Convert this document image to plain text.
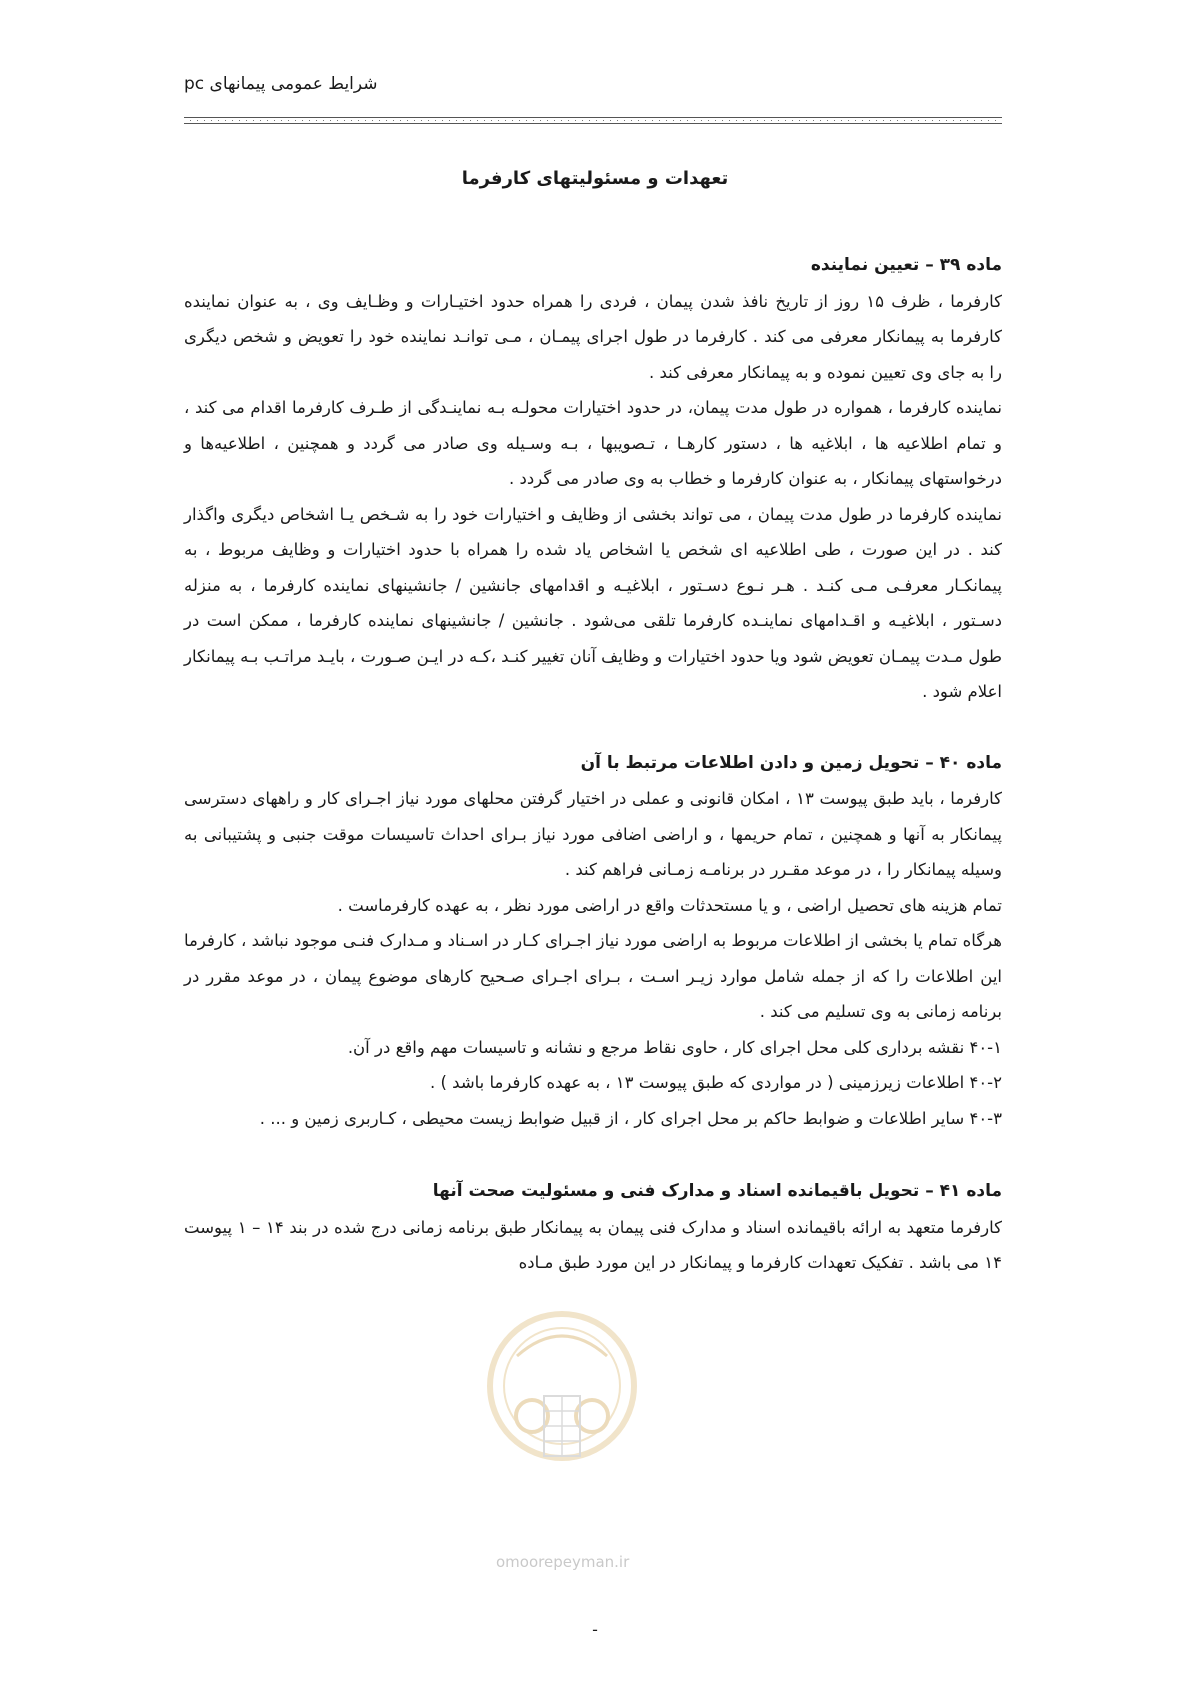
شرایط عمومی پیمانهای pc
تعهدات و مسئولیتهای کارفرما

ماده ۳۹ – تعیین نماینده

کارفرما ، ظرف ۱۵ روز از تاریخ نافذ شدن پیمان ، فردی را همراه حدود اختیـارات و وظـایف وی ، به عنوان نماینده کارفرما به پیمانکار معرفی می کند . کارفرما در طول اجرای پیمـان ، مـی توانـد نماینده خود را تعویض و شخص دیگری را به جای وی تعیین نموده و به پیمانکار معرفی کند .

نماینده کارفرما ، همواره در طول مدت پیمان، در حدود اختیارات محولـه بـه نماینـدگی از طـرف کارفرما اقدام می کند ، و تمام اطلاعیه ها ، ابلاغیه ها ، دستور کارهـا ، تـصویبها ، بـه وسـیله وی صادر می گردد و همچنین ، اطلاعیه‌ها و درخواستهای پیمانکار ، به عنوان کارفرما و خطاب به وی صادر می گردد .

نماینده کارفرما در طول مدت پیمان ، می تواند بخشی از وظایف و اختیارات خود را به شـخص یـا اشخاص دیگری واگذار کند . در این صورت ، طی اطلاعیه ای شخص یا اشخاص یاد شده را همراه با حدود اختیارات و وظایف مربوط ، به پیمانکـار معرفـی مـی کنـد . هـر نـوع دسـتور ، ابلاغیـه و اقدامهای جانشین / جانشینهای نماینده کارفرما ، به منزله دسـتور ، ابلاغیـه و اقـدامهای نماینـده کارفرما تلقی می‌شود . جانشین / جانشینهای نماینده کارفرما ، ممکن است در طول مـدت پیمـان تعویض شود ویا حدود اختیارات و وظایف آنان تغییر کنـد ،کـه در ایـن صـورت ، بایـد مراتـب بـه پیمانکار اعلام شود .

ماده ۴۰ – تحویل زمین و دادن اطلاعات مرتبط با آن

کارفرما ، باید طبق پیوست ۱۳ ، امکان قانونی و عملی در اختیار گرفتن محلهای مورد نیاز اجـرای کار و راههای دسترسی پیمانکار به آنها و همچنین ، تمام حریمها ، و اراضی اضافی مورد نیاز بـرای احداث تاسیسات موقت جنبی و پشتیبانی به وسیله پیمانکار را ، در موعد مقـرر در برنامـه زمـانی فراهم کند .

تمام هزینه های تحصیل اراضی ، و یا مستحدثات واقع در اراضی مورد نظر ، به عهده کارفرماست .

هرگاه تمام یا بخشی از اطلاعات مربوط به اراضی مورد نیاز اجـرای کـار در اسـناد و مـدارک فنـی موجود نباشد ، کارفرما این اطلاعات را که از جمله شامل موارد زیـر اسـت ، بـرای اجـرای صـحیح کارهای موضوع پیمان ، در موعد مقرر در برنامه زمانی به وی تسلیم می کند .

۴۰-۱ نقشه برداری کلی محل اجرای کار ، حاوی نقاط مرجع و نشانه و تاسیسات مهم واقع در آن.

۴۰-۲ اطلاعات زیرزمینی ( در مواردی که طبق پیوست ۱۳ ، به عهده کارفرما باشد ) .

۴۰-۳ سایر اطلاعات و ضوابط حاکم بر محل اجرای کار ، از قبیل ضوابط زیست محیطی ، کـاربری زمین و ... .

ماده ۴۱ – تحویل باقیمانده اسناد و مدارک فنی و مسئولیت صحت آنها

کارفرما متعهد به ارائه باقیمانده اسناد و مدارک فنی پیمان به پیمانکار طبق برنامه زمانی درج شده در بند ۱۴ – ۱ پیوست ۱۴ می باشد . تفکیک تعهدات کارفرما و پیمانکار در این مورد طبق مـاده

omoorepeyman.ir
-
